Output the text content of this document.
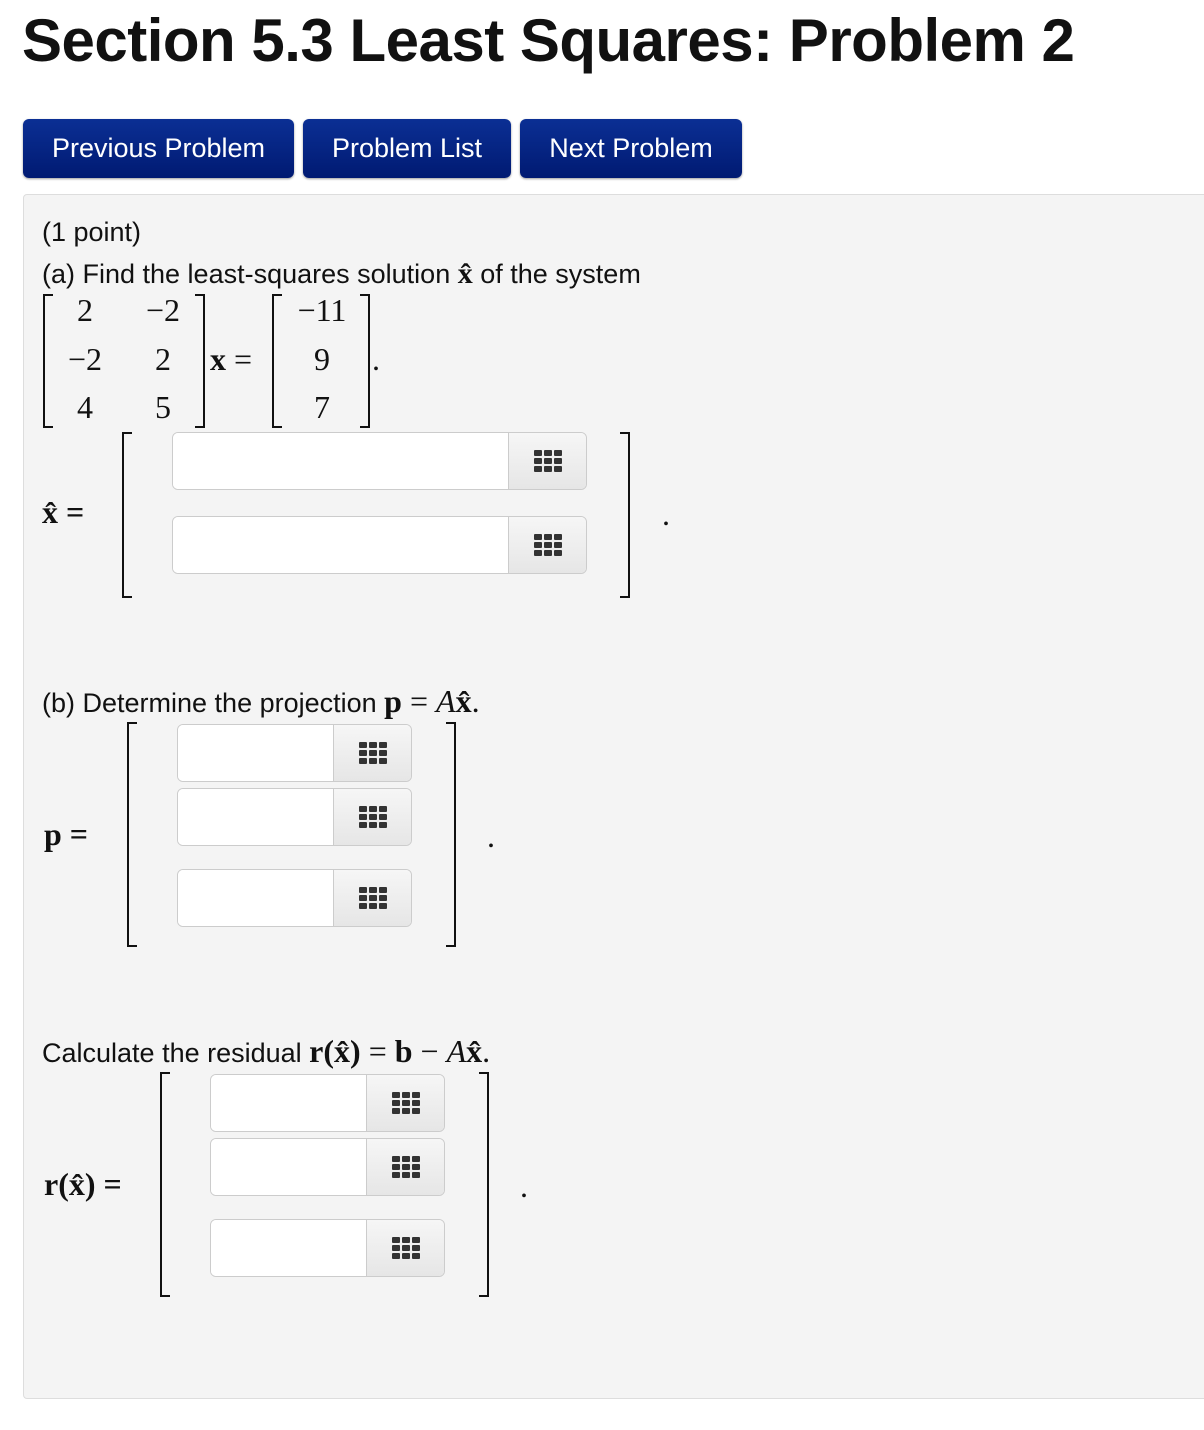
Section 5.3 Least Squares: Problem 2
Previous Problem	Problem List	Next Problem
(1 point)
(a) Find the least-squares solution x̂ of the system
2 −2
−2 2
4 5
x =
−11
9
7
.
x̂ =	.
(b) Determine the projection p = Ax̂.
p =	.
Calculate the residual r(x̂) = b − Ax̂.
r(x̂) =	.
